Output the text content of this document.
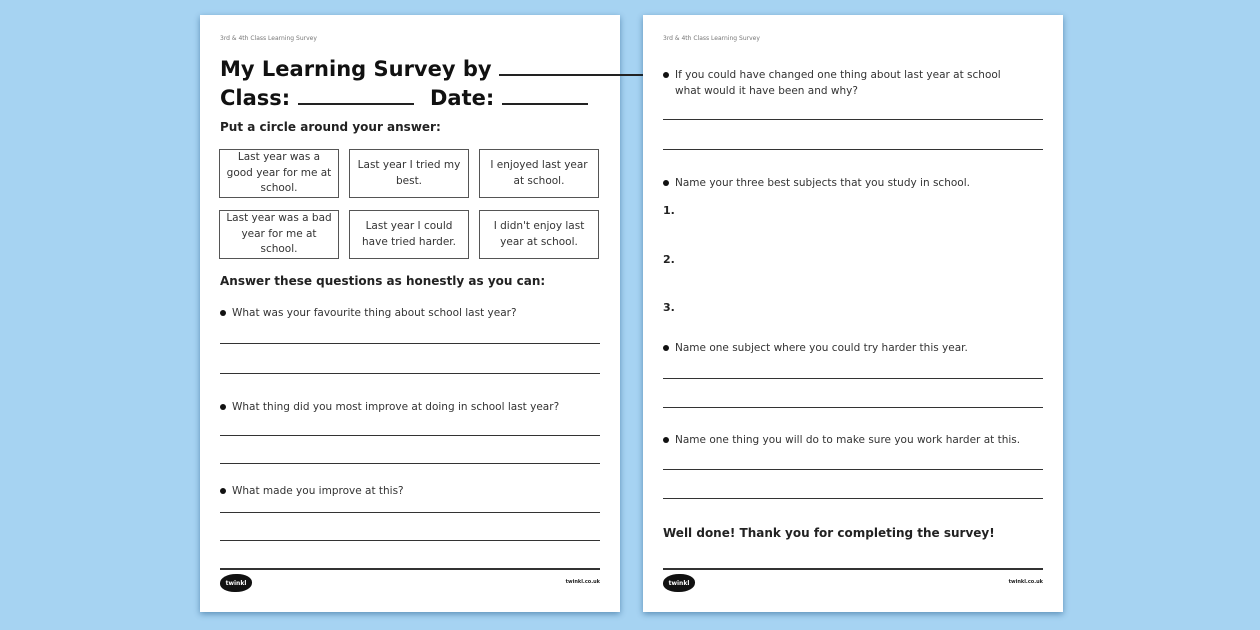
3rd & 4th Class Learning Survey
My Learning Survey by
Class:	Date:
Put a circle around your answer:
Last year was a good year for me at school.
Last year I tried my best.
I enjoyed last year at school.
Last year was a bad year for me at school.
Last year I could have tried harder.
I didn't enjoy last year at school.
Answer these questions as honestly as you can:
What was your favourite thing about school last year?
What thing did you most improve at doing in school last year?
What made you improve at this?
twinkl	twinkl.co.uk
3rd & 4th Class Learning Survey
If you could have changed one thing about last year at school what would it have been and why?
Name your three best subjects that you study in school.
1.
2.
3.
Name one subject where you could try harder this year.
Name one thing you will do to make sure you work harder at this.
Well done! Thank you for completing the survey!
twinkl	twinkl.co.uk
